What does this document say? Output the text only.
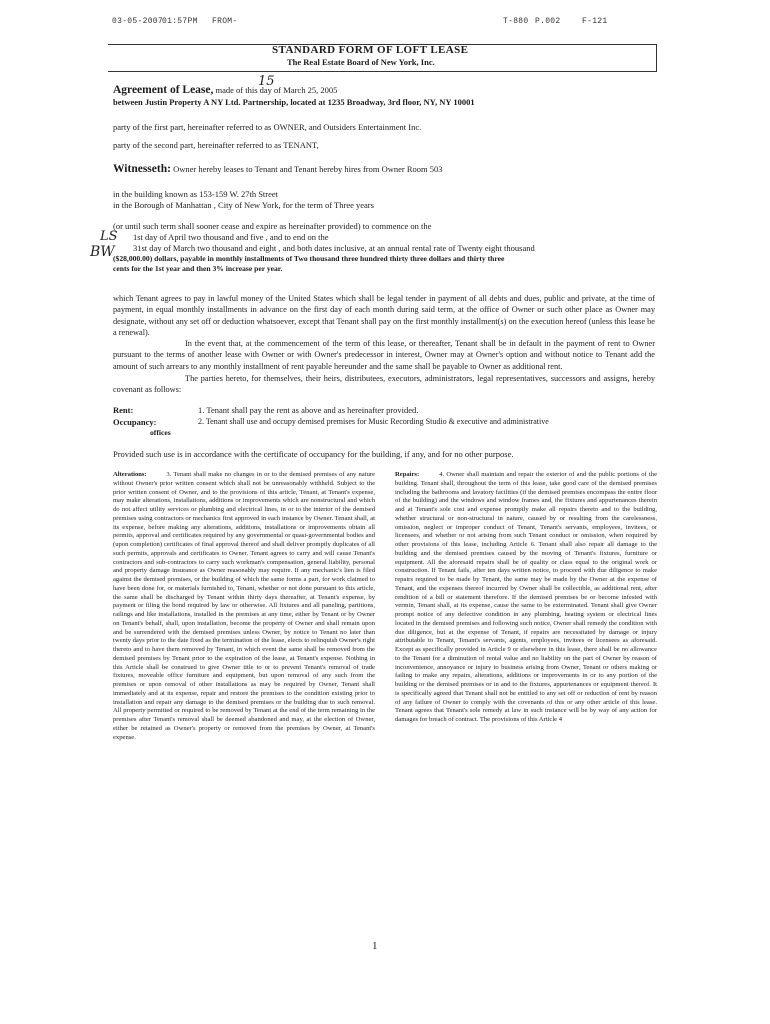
03-05-2007
01:57PM FROM-	T-880 P.002	F-121
STANDARD FORM OF LOFT LEASE
The Real Estate Board of New York, Inc.
Agreement of Lease, made of this day of March 25, 2005
between Justin Property A NY Ltd. Partnership, located at 1235 Broadway, 3rd floor, NY, NY 10001
party of the first part, hereinafter referred to as OWNER, and Outsiders Entertainment Inc.
party of the second part, hereinafter referred to as TENANT,
Witnesseth: Owner hereby leases to Tenant and Tenant hereby hires from Owner Room 503
in the building known as 153-159 W. 27th Street
in the Borough of Manhattan , City of New York, for the term of Three years
(or until such term shall sooner cease and expire as hereinafter provided) to commence on the
1st day of April two thousand and five , and to end on the
31st day of March two thousand and eight , and both dates inclusive, at an annual rental rate of Twenty eight thousand
($28,000.00) dollars, payable in monthly installments of Two thousand three hundred thirty three dollars and thirty three
cents for the 1st year and then 3% increase per year.
LS
BW
15
which Tenant agrees to pay in lawful money of the United States which shall be legal tender in payment of all debts and dues, public and private, at the time of payment, in equal monthly installments in advance on the first day of each month during said term, at the office of Owner or such other place as Owner may designate, without any set off or deduction whatsoever, except that Tenant shall pay on the first monthly installment(s) on the execution hereof (unless this lease be a renewal).
In the event that, at the commencement of the term of this lease, or thereafter, Tenant shall be in default in the payment of rent to Owner pursuant to the terms of another lease with Owner or with Owner's predecessor in interest, Owner may at Owner's option and without notice to Tenant add the amount of such arrears to any monthly installment of rent payable hereunder and the same shall be payable to Owner as additional rent.
The parties hereto, for themselves, their heirs, distributees, executors, administrators, legal representatives, successors and assigns, hereby covenant as follows:
Rent:	1. Tenant shall pay the rent as above and as hereinafter provided.
Occupancy:	2. Tenant shall use and occupy demised premises for Music Recording Studio & executive and administrative
offices
Provided such use is in accordance with the certificate of occupancy for the building, if any, and for no other purpose.
Alterations:	3. Tenant shall make no changes in or to the demised premises of any nature without Owner's prior written consent which shall not be unreasonably withheld. Subject to the prior written consent of Owner, and to the provisions of this article, Tenant, at Tenant's expense, may make alterations, installations, additions or improvements which are nonstructural and which do not affect utility services or plumbing and electrical lines, in or to the interior of the demised premises using contractors or mechanics first approved in each instance by Owner. Tenant shall, at its expense, before making any alterations, additions, installations or improvements obtain all permits, approval and certificates required by any governmental or quasi-governmental bodies and (upon completion) certificates of final approval thereof and shall deliver promptly duplicates of all such permits, approvals and certificates to Owner. Tenant agrees to carry and will cause Tenant's contractors and sub-contractors to carry such workman's compensation, general liability, personal and property damage insurance as Owner reasonably may require. If any mechanic's lien is filed against the demised premises, or the building of which the same forms a part, for work claimed to have been done for, or materials furnished to, Tenant, whether or not done pursuant to this article, the same shall be discharged by Tenant within thirty days thereafter, at Tenant's expense, by payment or filing the bond required by law or otherwise. All fixtures and all paneling, partitions, railings and like installations, installed in the premises at any time, either by Tenant or by Owner on Tenant's behalf, shall, upon installation, become the property of Owner and shall remain upon and be surrendered with the demised premises unless Owner, by notice to Tenant no later than twenty days prior to the date fixed as the termination of the lease, elects to relinquish Owner's right thereto and to have them removed by Tenant, in which event the same shall be removed from the demised premises by Tenant prior to the expiration of the lease, at Tenant's expense. Nothing in this Article shall be construed to give Owner title to or to prevent Tenant's removal of trade fixtures, moveable office furniture and equipment, but upon removal of any such from the premises or upon removal of other installations as may be required by Owner, Tenant shall immediately and at its expense, repair and restore the premises to the condition existing prior to installation and repair any damage to the demised premises or the building due to such removal. All property permitted or required to be removed by Tenant at the end of the term remaining in the premises after Tenant's removal shall be deemed abandoned and may, at the election of Owner, either be retained as Owner's property or removed from the premises by Owner, at Tenant's expense.
Repairs:	4. Owner shall maintain and repair the exterior of and the public portions of the building. Tenant shall, throughout the term of this lease, take good care of the demised premises including the bathrooms and lavatory facilities (if the demised premises encompass the entire floor of the building) and the windows and window frames and, the fixtures and appurtenances therein and at Tenant's sole cost and expense promptly make all repairs thereto and to the building, whether structural or non-structural in nature, caused by or resulting from the carelessness, omission, neglect or improper conduct of Tenant, Tenant's servants, employees, invitees, or licensees, and whether or not arising from such Tenant conduct or omission, when required by other provisions of this lease, including Article 6. Tenant shall also repair all damage to the building and the demised premises caused by the moving of Tenant's fixtures, furniture or equipment. All the aforesaid repairs shall be of quality or class equal to the original work or construction. If Tenant fails, after ten days written notice, to proceed with due diligence to make repairs required to be made by Tenant, the same may be made by the Owner at the expense of Tenant, and the expenses thereof incurred by Owner shall be collectible, as additional rent, after rendition of a bill or statement therefore. If the demised premises be or become infested with vermin, Tenant shall, at its expense, cause the same to be exterminated. Tenant shall give Owner prompt notice of any defective condition in any plumbing, heating system or electrical lines located in the demised premises and following such notice, Owner shall remedy the condition with due diligence, but at the expense of Tenant, if repairs are necessitated by damage or injury attributable to Tenant, Tenant's servants, agents, employees, invitees or licensees as aforesaid. Except as specifically provided in Article 9 or elsewhere in this lease, there shall be no allowance to the Tenant for a diminution of rental value and no liability on the part of Owner by reason of inconvenience, annoyance or injury to business arising from Owner, Tenant or others making or failing to make any repairs, alterations, additions or improvements in or to any portion of the building or the demised premises or in and to the fixtures, appurtenances or equipment thereof. It is specifically agreed that Tenant shall not be entitled to any set off or reduction of rent by reason of any failure of Owner to comply with the covenants of this or any other article of this lease. Tenant agrees that Tenant's sole remedy at law in such instance will be by way of any action for damages for breach of contract. The provisions of this Article 4
1
